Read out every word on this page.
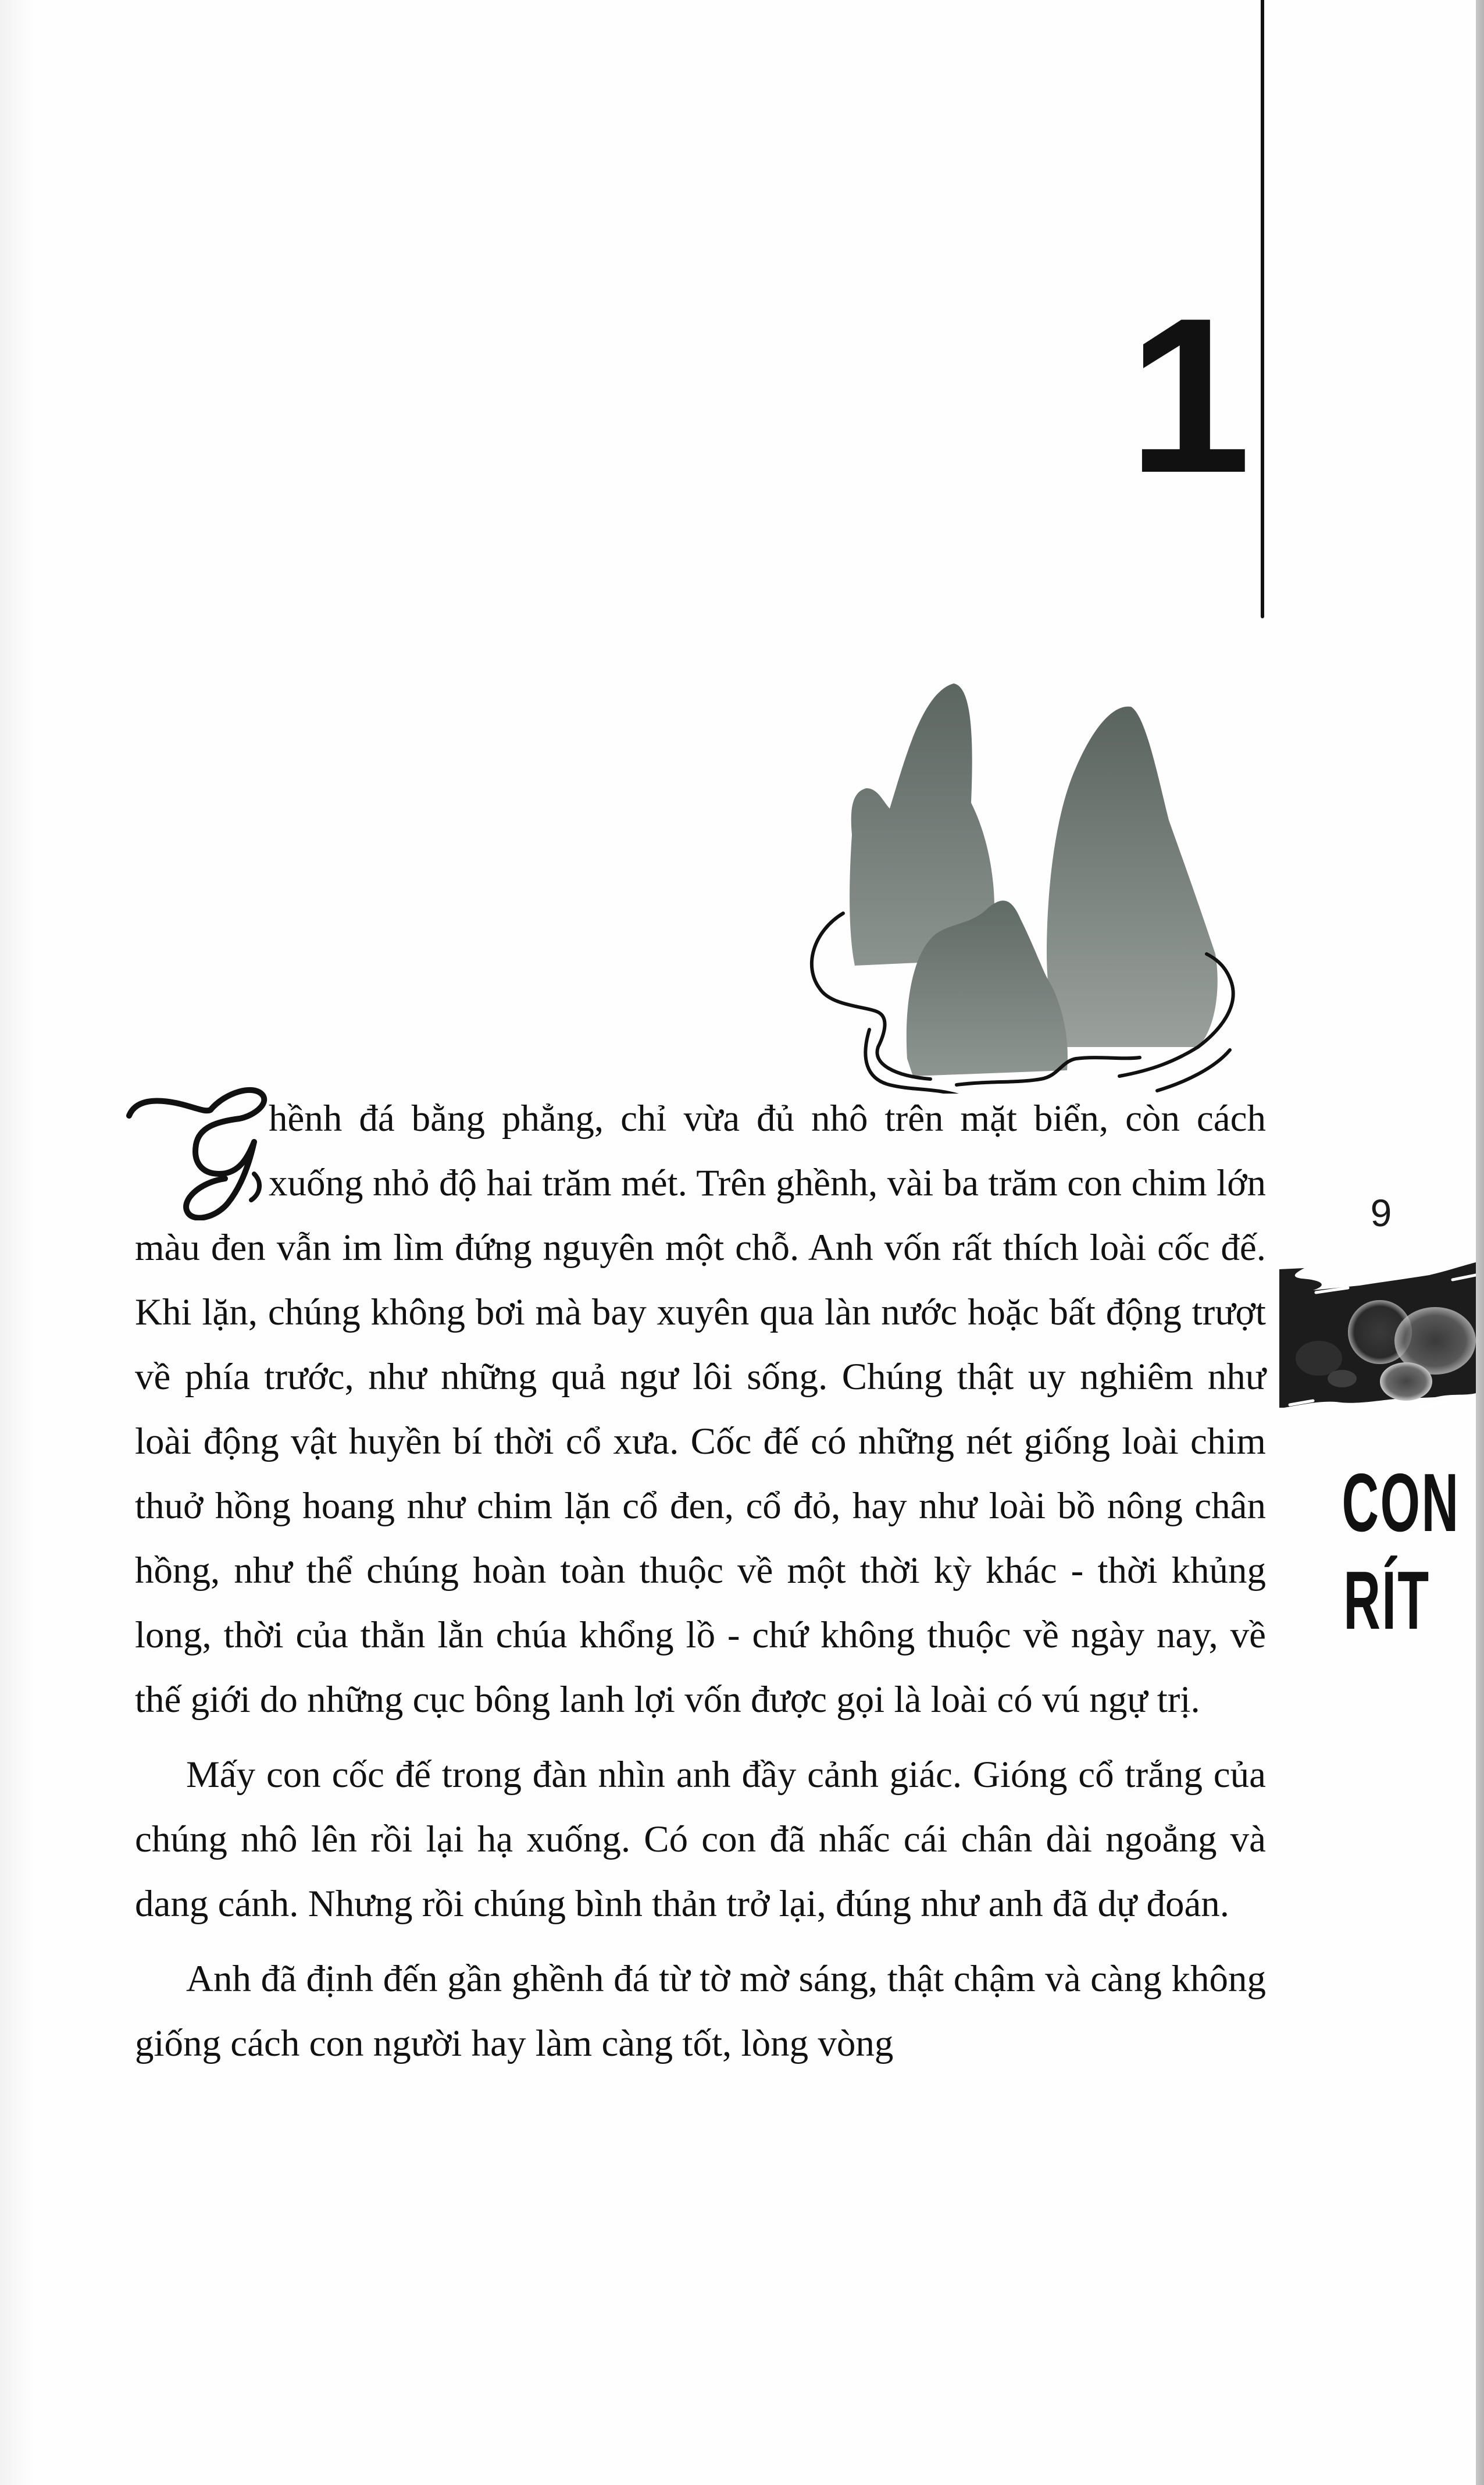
1
9
CON
RÍT

hềnh đá bằng phẳng, chỉ vừa đủ nhô trên mặt biển, còn cách xuống nhỏ độ hai trăm mét. Trên ghềnh, vài ba trăm con chim lớn màu đen vẫn im lìm đứng nguyên một chỗ. Anh vốn rất thích loài cốc đế. Khi lặn, chúng không bơi mà bay xuyên qua làn nước hoặc bất động trượt về phía trước, như những quả ngư lôi sống. Chúng thật uy nghiêm như loài động vật huyền bí thời cổ xưa. Cốc đế có những nét giống loài chim thuở hồng hoang như chim lặn cổ đen, cổ đỏ, hay như loài bồ nông chân hồng, như thể chúng hoàn toàn thuộc về một thời kỳ khác - thời khủng long, thời của thằn lằn chúa khổng lồ - chứ không thuộc về ngày nay, về thế giới do những cục bông lanh lợi vốn được gọi là loài có vú ngự trị.

Mấy con cốc đế trong đàn nhìn anh đầy cảnh giác. Gióng cổ trắng của chúng nhô lên rồi lại hạ xuống. Có con đã nhấc cái chân dài ngoẳng và dang cánh. Nhưng rồi chúng bình thản trở lại, đúng như anh đã dự đoán.

Anh đã định đến gần ghềnh đá từ tờ mờ sáng, thật chậm và càng không giống cách con người hay làm càng tốt, lòng vòng
